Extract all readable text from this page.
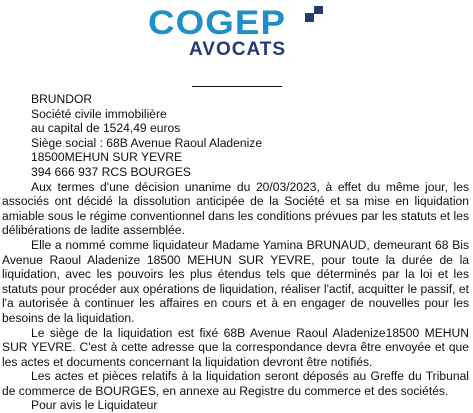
COGEP
AVOCATS

BRUNDOR

Société civile immobilière

au capital de 1524,49 euros

Siège social : 68B Avenue Raoul Aladenize

18500MEHUN SUR YEVRE

394 666 937 RCS BOURGES

Aux termes d'une décision unanime du 20/03/2023, à effet du même jour, les associés ont décidé la dissolution anticipée de la Société et sa mise en liquidation amiable sous le régime conventionnel dans les conditions prévues par les statuts et les délibérations de ladite assemblée.

Elle a nommé comme liquidateur Madame Yamina BRUNAUD, demeurant 68 Bis Avenue Raoul Aladenize 18500 MEHUN SUR YEVRE, pour toute la durée de la liquidation, avec les pouvoirs les plus étendus tels que déterminés par la loi et les statuts pour procéder aux opérations de liquidation, réaliser l'actif, acquitter le passif, et l'a autorisée à continuer les affaires en cours et à en engager de nouvelles pour les besoins de la liquidation.

Le siège de la liquidation est fixé 68B Avenue Raoul Aladenize18500 MEHUN SUR YEVRE. C'est à cette adresse que la correspondance devra être envoyée et que les actes et documents concernant la liquidation devront être notifiés.

Les actes et pièces relatifs à la liquidation seront déposés au Greffe du Tribunal de commerce de BOURGES, en annexe au Registre du commerce et des sociétés.

Pour avis le Liquidateur
